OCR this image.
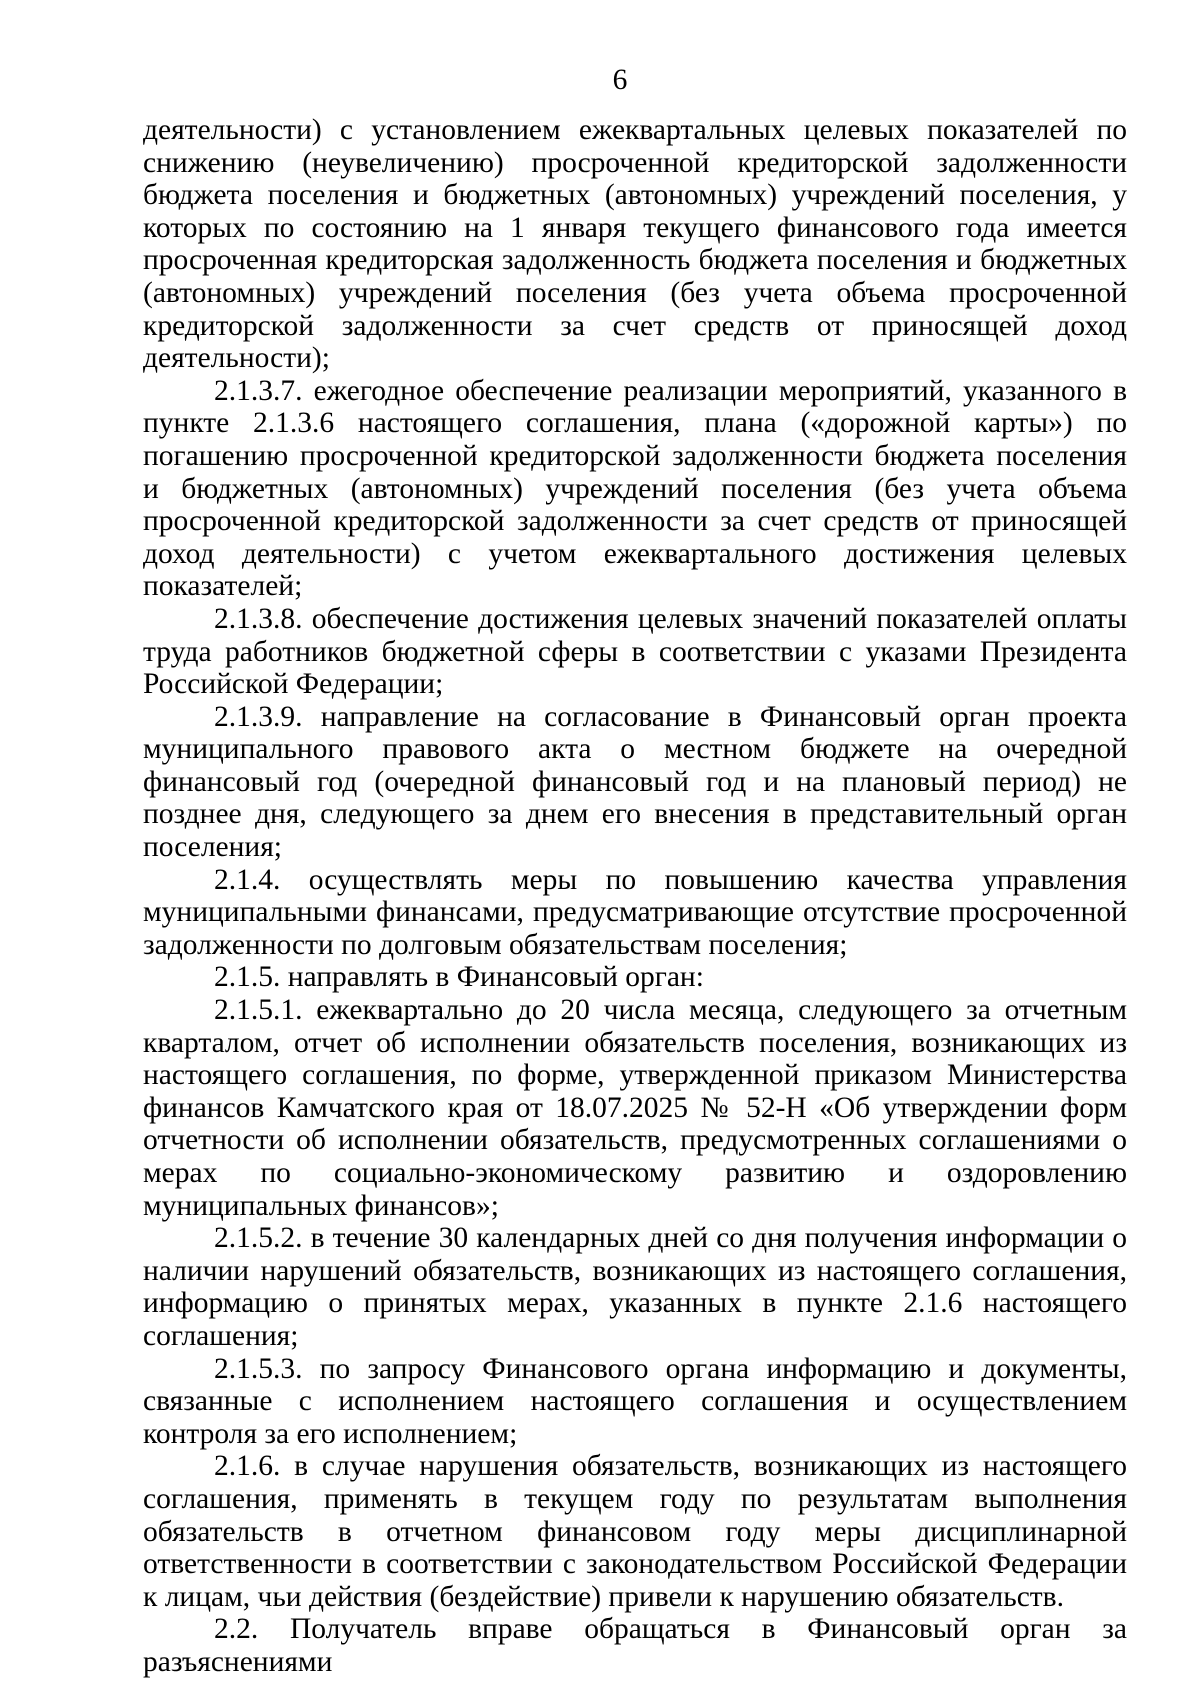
6

деятельности) с установлением ежеквартальных целевых показателей по снижению (неувеличению) просроченной кредиторской задолженности бюджета поселения и бюджетных (автономных) учреждений поселения, у которых по состоянию на 1 января текущего финансового года имеется просроченная кредиторская задолженность бюджета поселения и бюджетных (автономных) учреждений поселения (без учета объема просроченной кредиторской задолженности за счет средств от приносящей доход деятельности);

2.1.3.7. ежегодное обеспечение реализации мероприятий, указанного в пункте 2.1.3.6 настоящего соглашения, плана («дорожной карты») по погашению просроченной кредиторской задолженности бюджета поселения и бюджетных (автономных) учреждений поселения (без учета объема просроченной кредиторской задолженности за счет средств от приносящей доход деятельности) с учетом ежеквартального достижения целевых показателей;

2.1.3.8. обеспечение достижения целевых значений показателей оплаты труда работников бюджетной сферы в соответствии с указами Президента Российской Федерации;

2.1.3.9. направление на согласование в Финансовый орган проекта муниципального правового акта о местном бюджете на очередной финансовый год (очередной финансовый год и на плановый период) не позднее дня, следующего за днем его внесения в представительный орган поселения;

2.1.4. осуществлять меры по повышению качества управления муниципальными финансами, предусматривающие отсутствие просроченной задолженности по долговым обязательствам поселения;

2.1.5. направлять в Финансовый орган:

2.1.5.1. ежеквартально до 20 числа месяца, следующего за отчетным кварталом, отчет об исполнении обязательств поселения, возникающих из настоящего соглашения, по форме, утвержденной приказом Министерства финансов Камчатского края от 18.07.2025 № 52-Н «Об утверждении форм отчетности об исполнении обязательств, предусмотренных соглашениями о мерах по социально-экономическому развитию и оздоровлению муниципальных финансов»;

2.1.5.2. в течение 30 календарных дней со дня получения информации о наличии нарушений обязательств, возникающих из настоящего соглашения, информацию о принятых мерах, указанных в пункте 2.1.6 настоящего соглашения;

2.1.5.3. по запросу Финансового органа информацию и документы, связанные с исполнением настоящего соглашения и осуществлением контроля за его исполнением;

2.1.6. в случае нарушения обязательств, возникающих из настоящего соглашения, применять в текущем году по результатам выполнения обязательств в отчетном финансовом году меры дисциплинарной ответственности в соответствии с законодательством Российской Федерации к лицам, чьи действия (бездействие) привели к нарушению обязательств.

2.2. Получатель вправе обращаться в Финансовый орган за разъяснениями
